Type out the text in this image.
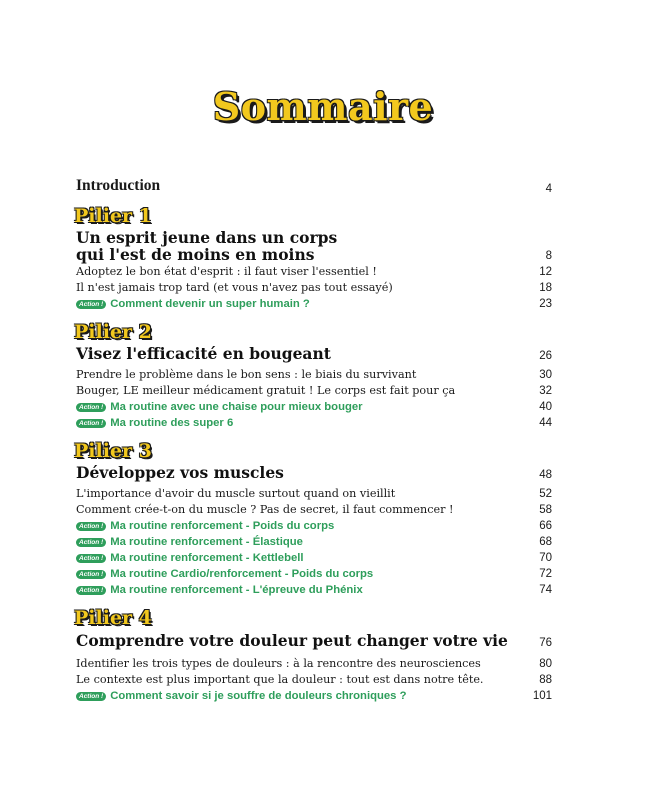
Sommaire
Introduction	4
Pilier 1
Un esprit jeune dans un corps
qui l'est de moins en moins	8
Adoptez le bon état d'esprit : il faut viser l'essentiel !	12
Il n'est jamais trop tard (et vous n'avez pas tout essayé)	18
Action ! Comment devenir un super humain ?	23
Pilier 2
Visez l'efficacité en bougeant	26
Prendre le problème dans le bon sens : le biais du survivant	30
Bouger, LE meilleur médicament gratuit ! Le corps est fait pour ça	32
Action ! Ma routine avec une chaise pour mieux bouger	40
Action ! Ma routine des super 6	44
Pilier 3
Développez vos muscles	48
L'importance d'avoir du muscle surtout quand on vieillit	52
Comment crée-t-on du muscle ? Pas de secret, il faut commencer !	58
Action ! Ma routine renforcement - Poids du corps	66
Action ! Ma routine renforcement - Élastique	68
Action ! Ma routine renforcement - Kettlebell	70
Action ! Ma routine Cardio/renforcement - Poids du corps	72
Action ! Ma routine renforcement - L'épreuve du Phénix	74
Pilier 4
Comprendre votre douleur peut changer votre vie	76
Identifier les trois types de douleurs : à la rencontre des neurosciences	80
Le contexte est plus important que la douleur : tout est dans notre tête.	88
Action ! Comment savoir si je souffre de douleurs chroniques ?	101
